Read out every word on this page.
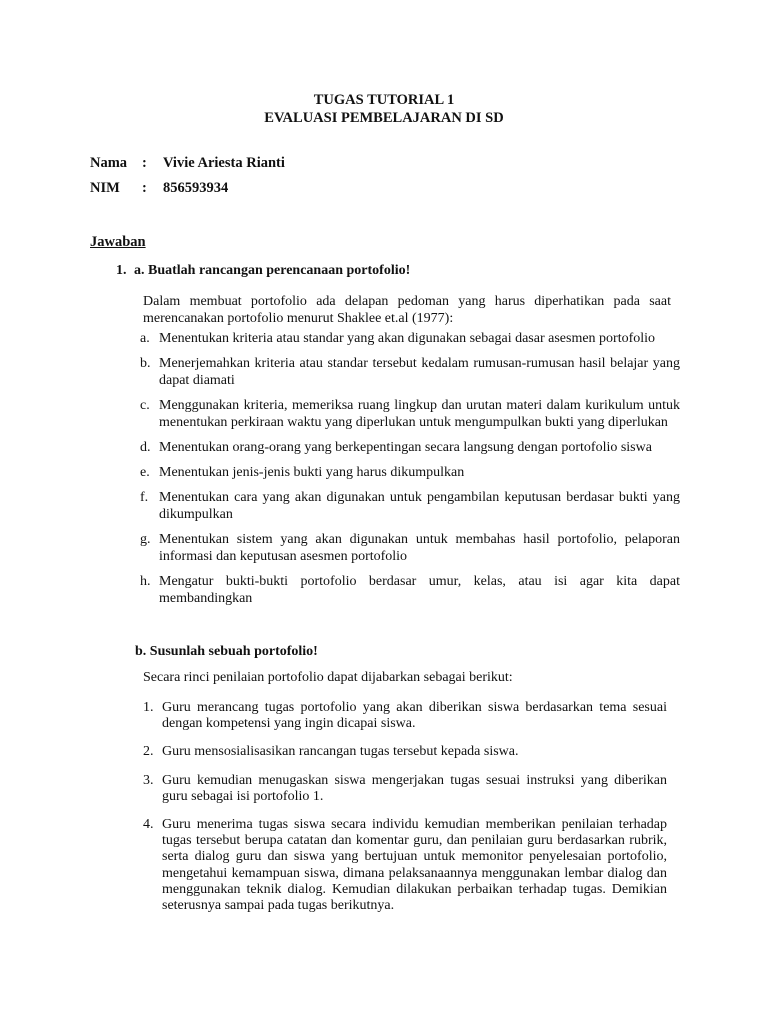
TUGAS TUTORIAL 1
EVALUASI PEMBELAJARAN DI SD
Nama : Vivie Ariesta Rianti
NIM : 856593934
Jawaban
1. a. Buatlah rancangan perencanaan portofolio!
Dalam membuat portofolio ada delapan pedoman yang harus diperhatikan pada saat
merencanakan portofolio menurut Shaklee et.al (1977):
a. Menentukan kriteria atau standar yang akan digunakan sebagai dasar asesmen portofolio
b. Menerjemahkan kriteria atau standar tersebut kedalam rumusan-rumusan hasil belajar yang dapat diamati
c. Menggunakan kriteria, memeriksa ruang lingkup dan urutan materi dalam kurikulum untuk menentukan perkiraan waktu yang diperlukan untuk mengumpulkan bukti yang diperlukan
d. Menentukan orang-orang yang berkepentingan secara langsung dengan portofolio siswa
e. Menentukan jenis-jenis bukti yang harus dikumpulkan
f. Menentukan cara yang akan digunakan untuk pengambilan keputusan berdasar bukti yang dikumpulkan
g. Menentukan sistem yang akan digunakan untuk membahas hasil portofolio, pelaporan informasi dan keputusan asesmen portofolio
h. Mengatur bukti-bukti portofolio berdasar umur, kelas, atau isi agar kita dapat membandingkan
b. Susunlah sebuah portofolio!
Secara rinci penilaian portofolio dapat dijabarkan sebagai berikut:
1. Guru merancang tugas portofolio yang akan diberikan siswa berdasarkan tema sesuai dengan kompetensi yang ingin dicapai siswa.
2. Guru mensosialisasikan rancangan tugas tersebut kepada siswa.
3. Guru kemudian menugaskan siswa mengerjakan tugas sesuai instruksi yang diberikan guru sebagai isi portofolio 1.
4. Guru menerima tugas siswa secara individu kemudian memberikan penilaian terhadap tugas tersebut berupa catatan dan komentar guru, dan penilaian guru berdasarkan rubrik, serta dialog guru dan siswa yang bertujuan untuk memonitor penyelesaian portofolio, mengetahui kemampuan siswa, dimana pelaksanaannya menggunakan lembar dialog dan menggunakan teknik dialog. Kemudian dilakukan perbaikan terhadap tugas. Demikian seterusnya sampai pada tugas berikutnya.
